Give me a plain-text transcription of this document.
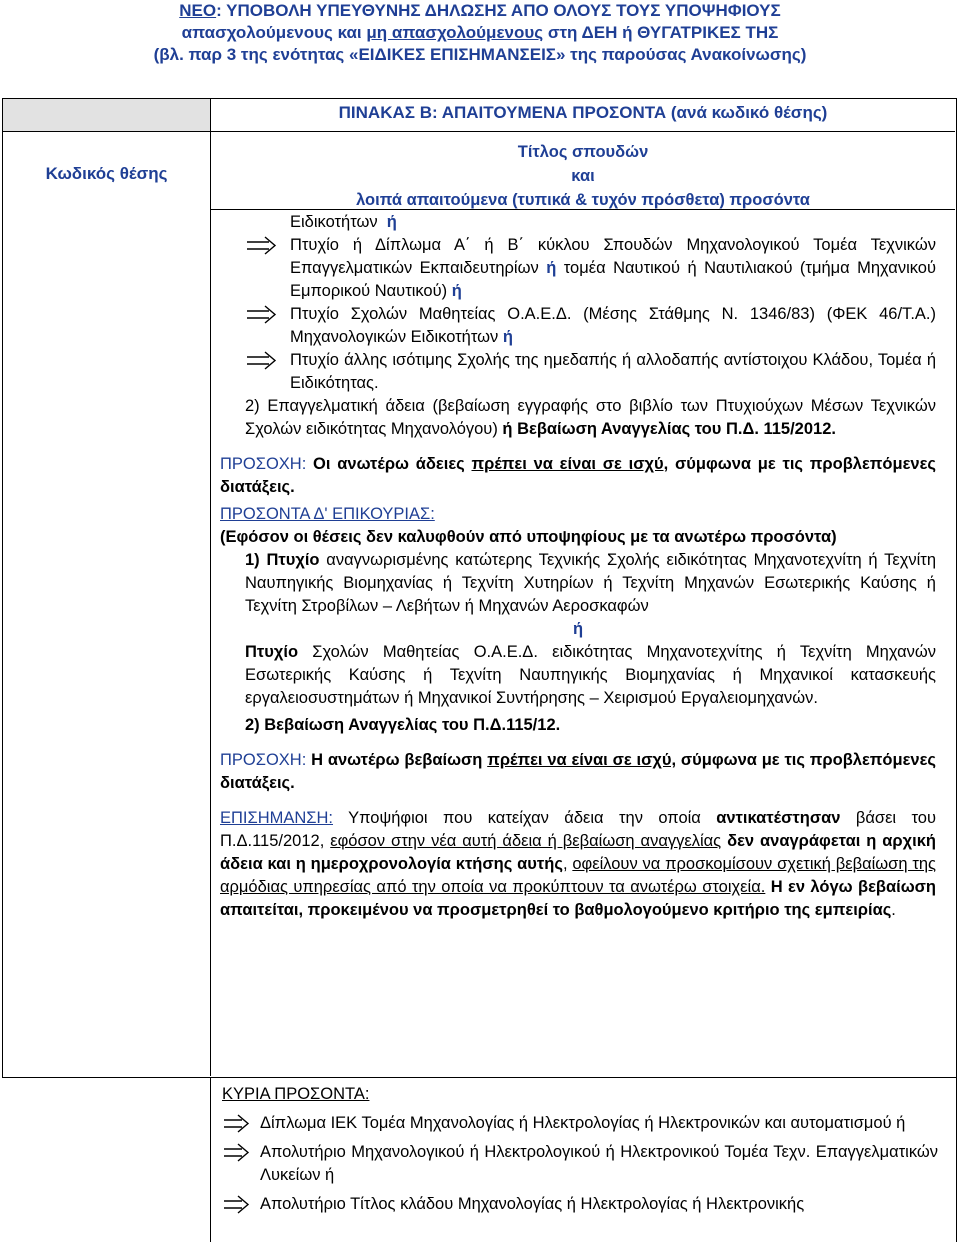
ΝΕΟ: ΥΠΟΒΟΛΗ ΥΠΕΥΘΥΝΗΣ ΔΗΛΩΣΗΣ ΑΠΟ ΟΛΟΥΣ ΤΟΥΣ ΥΠΟΨΗΦΙΟΥΣ
απασχολούμενους και μη απασχολούμενους στη ΔΕΗ ή ΘΥΓΑΤΡΙΚΕΣ ΤΗΣ
(βλ. παρ 3 της ενότητας «ΕΙΔΙΚΕΣ ΕΠΙΣΗΜΑΝΣΕΙΣ» της παρούσας Ανακοίνωσης)
ΠΙΝΑΚΑΣ Β: ΑΠΑΙΤΟΥΜΕΝΑ ΠΡΟΣΟΝΤΑ (ανά κωδικό θέσης)
Κωδικός θέσης
Τίτλος σπουδών
και
λοιπά απαιτούμενα (τυπικά & τυχόν πρόσθετα) προσόντα

Ειδικοτήτων ή

Πτυχίο ή Δίπλωμα Α΄ ή Β΄ κύκλου Σπουδών Μηχανολογικού Τομέα Τεχνικών Επαγγελματικών Εκπαιδευτηρίων ή τομέα Ναυτικού ή Ναυτιλιακού (τμήμα Μηχανικού Εμπορικού Ναυτικού) ή

Πτυχίο Σχολών Μαθητείας Ο.Α.Ε.Δ. (Μέσης Στάθμης Ν. 1346/83) (ΦΕΚ 46/Τ.Α.) Μηχανολογικών Ειδικοτήτων ή

Πτυχίο άλλης ισότιμης Σχολής της ημεδαπής ή αλλοδαπής αντίστοιχου Κλάδου, Τομέα ή Ειδικότητας.

2) Επαγγελματική άδεια (βεβαίωση εγγραφής στο βιβλίο των Πτυχιούχων Μέσων Τεχνικών Σχολών ειδικότητας Μηχανολόγου) ή Βεβαίωση Αναγγελίας του Π.Δ. 115/2012.

ΠΡΟΣΟΧΗ: Οι ανωτέρω άδειες πρέπει να είναι σε ισχύ, σύμφωνα με τις προβλεπόμενες διατάξεις.

ΠΡΟΣΟΝΤΑ Δ' ΕΠΙΚΟΥΡΙΑΣ:

(Εφόσον οι θέσεις δεν καλυφθούν από υποψηφίους με τα ανωτέρω προσόντα)

1) Πτυχίο αναγνωρισμένης κατώτερης Τεχνικής Σχολής ειδικότητας Μηχανοτεχνίτη ή Τεχνίτη Ναυπηγικής Βιομηχανίας ή Τεχνίτη Χυτηρίων ή Τεχνίτη Μηχανών Εσωτερικής Καύσης ή Τεχνίτη Στροβίλων – Λεβήτων ή Μηχανών Αεροσκαφών

ή

Πτυχίο Σχολών Μαθητείας Ο.Α.Ε.Δ. ειδικότητας Μηχανοτεχνίτης ή Τεχνίτη Μηχανών Εσωτερικής Καύσης ή Τεχνίτη Ναυπηγικής Βιομηχανίας ή Μηχανικοί κατασκευής εργαλειοσυστημάτων ή Μηχανικοί Συντήρησης – Χειρισμού Εργαλειομηχανών.

2) Βεβαίωση Αναγγελίας του Π.Δ.115/12.

ΠΡΟΣΟΧΗ: Η ανωτέρω βεβαίωση πρέπει να είναι σε ισχύ, σύμφωνα με τις προβλεπόμενες διατάξεις.

ΕΠΙΣΗΜΑΝΣΗ: Υποψήφιοι που κατείχαν άδεια την οποία αντικατέστησαν βάσει του Π.Δ.115/2012, εφόσον στην νέα αυτή άδεια ή βεβαίωση αναγγελίας δεν αναγράφεται η αρχική άδεια και η ημερoχρονολογία κτήσης αυτής, οφείλουν να προσκομίσουν σχετική βεβαίωση της αρμόδιας υπηρεσίας από την οποία να προκύπτουν τα ανωτέρω στοιχεία. Η εν λόγω βεβαίωση απαιτείται, προκειμένου να προσμετρηθεί το βαθμολογούμενο κριτήριο της εμπειρίας.

ΚΥΡΙΑ ΠΡΟΣΟΝΤΑ:

Δίπλωμα ΙΕΚ Τομέα Μηχανολογίας ή Ηλεκτρολογίας ή Ηλεκτρονικών και αυτοματισμού ή

Απολυτήριο Μηχανολογικού ή Ηλεκτρολογικού ή Ηλεκτρονικού Τομέα Τεχν. Επαγγελματικών Λυκείων ή

Απολυτήριο Τίτλος κλάδου Μηχανολογίας ή Ηλεκτρολογίας ή Ηλεκτρονικής
